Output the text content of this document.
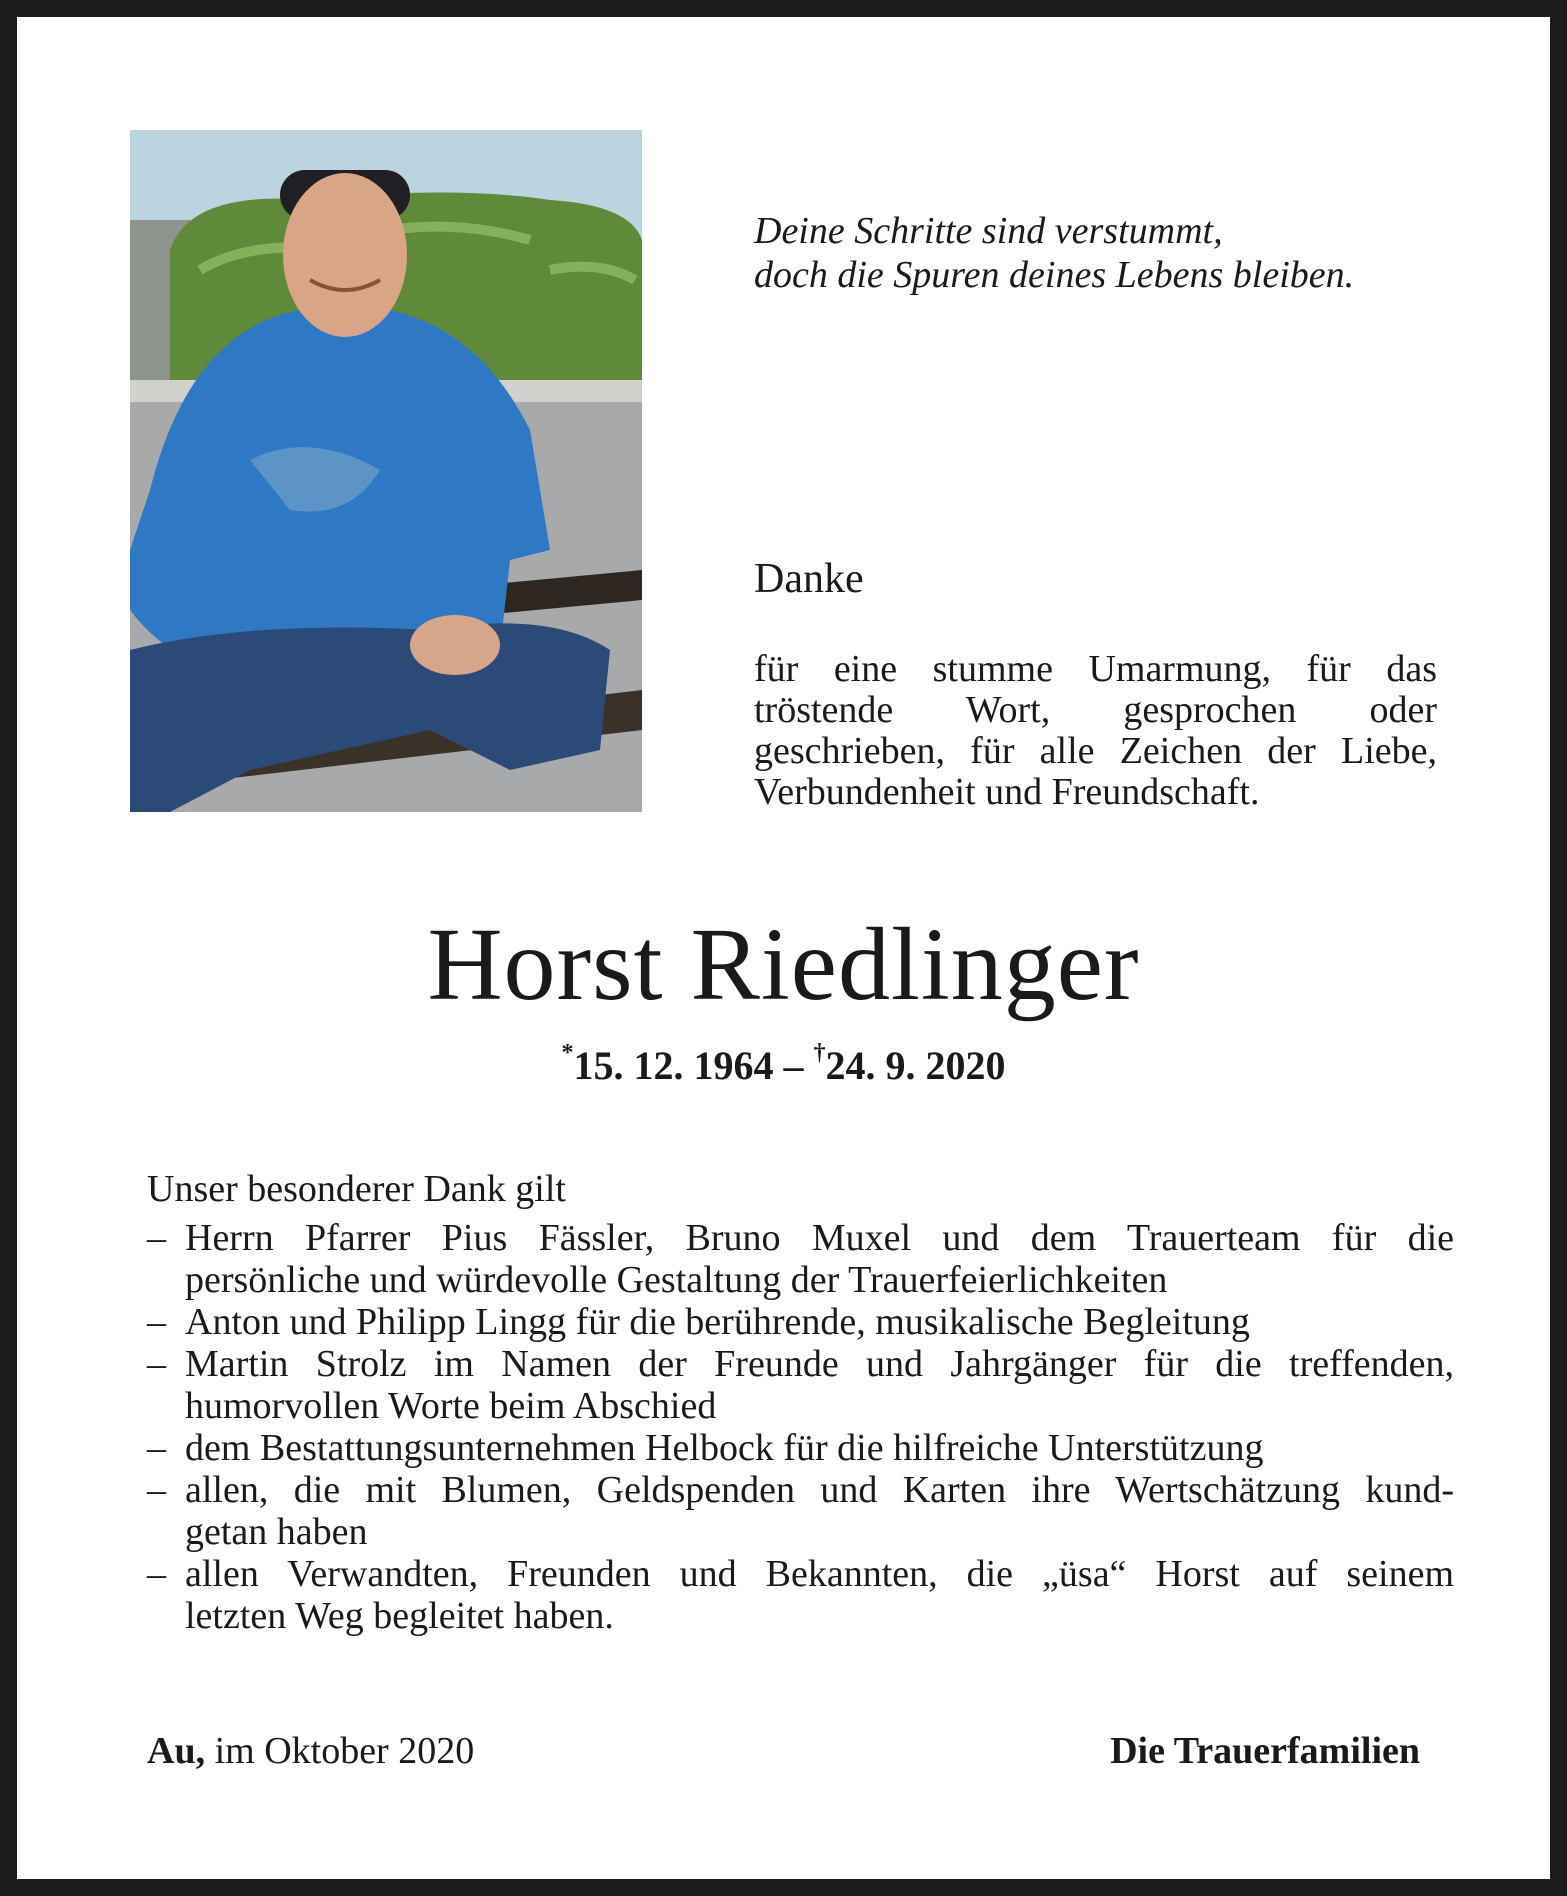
Deine Schritte sind verstummt,
doch die Spuren deines Lebens bleiben.
Danke
für eine stumme Umarmung, für das
tröstende Wort, gesprochen oder
geschrieben, für alle Zeichen der Liebe,
Verbundenheit und Freundschaft.
Horst Riedlinger
*15. 12. 1964 – †24. 9. 2020
Unser besonderer Dank gilt
– Herrn Pfarrer Pius Fässler, Bruno Muxel und dem Trauerteam für die
persönliche und würdevolle Gestaltung der Trauerfeierlichkeiten
– Anton und Philipp Lingg für die berührende, musikalische Begleitung
– Martin Strolz im Namen der Freunde und Jahrgänger für die treffenden,
humorvollen Worte beim Abschied
– dem Bestattungsunternehmen Helbock für die hilfreiche Unterstützung
– allen, die mit Blumen, Geldspenden und Karten ihre Wertschätzung kund-
getan haben
– allen Verwandten, Freunden und Bekannten, die „üsa“ Horst auf seinem
letzten Weg begleitet haben.
Au, im Oktober 2020	Die Trauerfamilien
